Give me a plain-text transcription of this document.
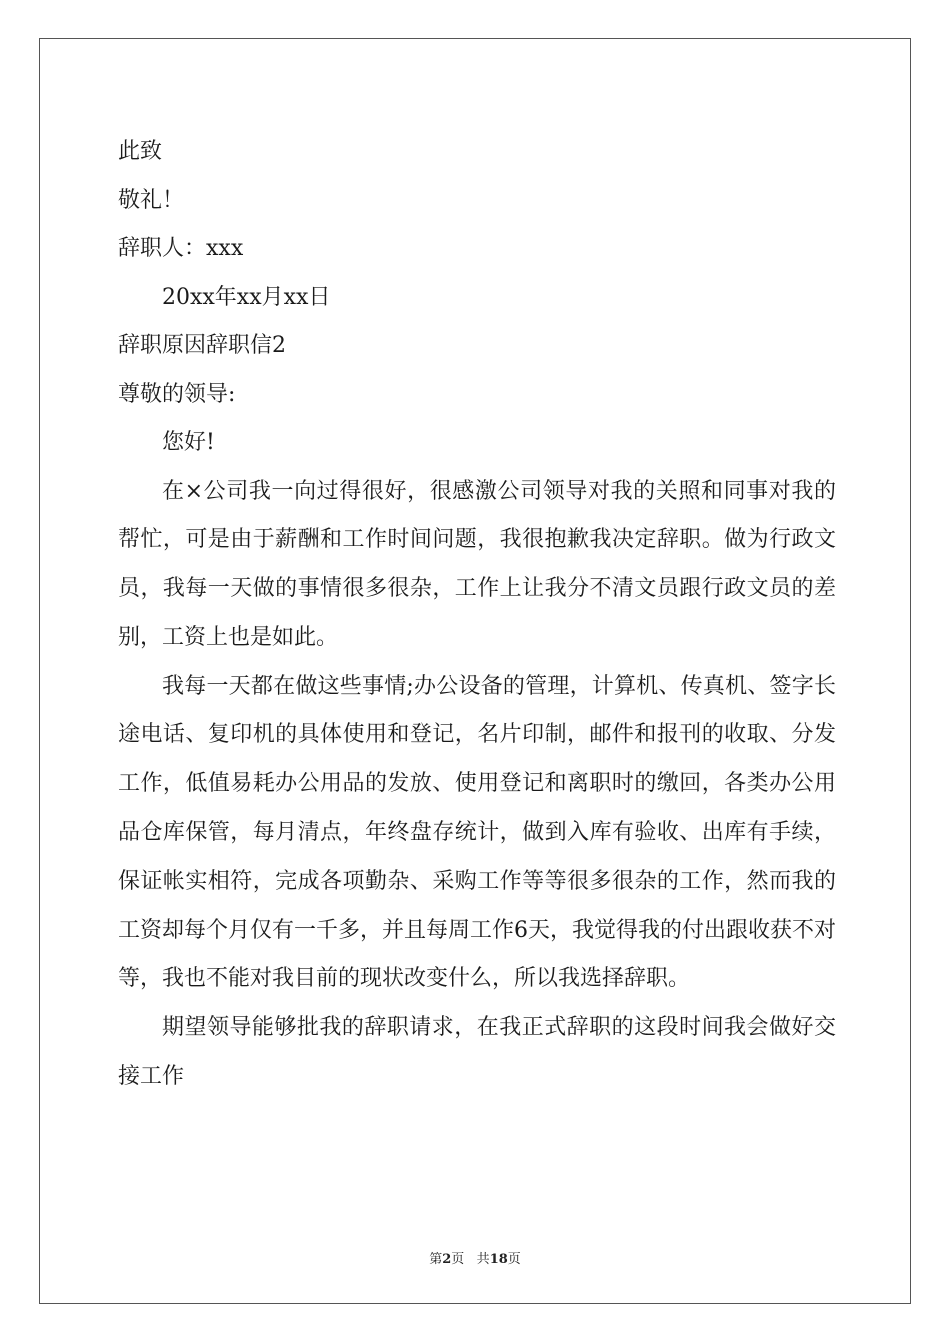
此致
敬礼！
辞职人：xxx
20xx年xx月xx日
辞职原因辞职信2
尊敬的领导:
您好!

在×公司我一向过得很好，很感激公司领导对我的关照和同事对我的帮忙，可是由于薪酬和工作时间问题，我很抱歉我决定辞职。做为行政文员，我每一天做的事情很多很杂，工作上让我分不清文员跟行政文员的差别，工资上也是如此。

我每一天都在做这些事情;办公设备的管理，计算机、传真机、签字长途电话、复印机的具体使用和登记，名片印制，邮件和报刊的收取、分发工作，低值易耗办公用品的发放、使用登记和离职时的缴回，各类办公用品仓库保管，每月清点，年终盘存统计，做到入库有验收、出库有手续，保证帐实相符，完成各项勤杂、采购工作等等很多很杂的工作，然而我的工资却每个月仅有一千多，并且每周工作6天，我觉得我的付出跟收获不对等，我也不能对我目前的现状改变什么，所以我选择辞职。

期望领导能够批我的辞职请求，在我正式辞职的这段时间我会做好交接工作

第2页 共18页
